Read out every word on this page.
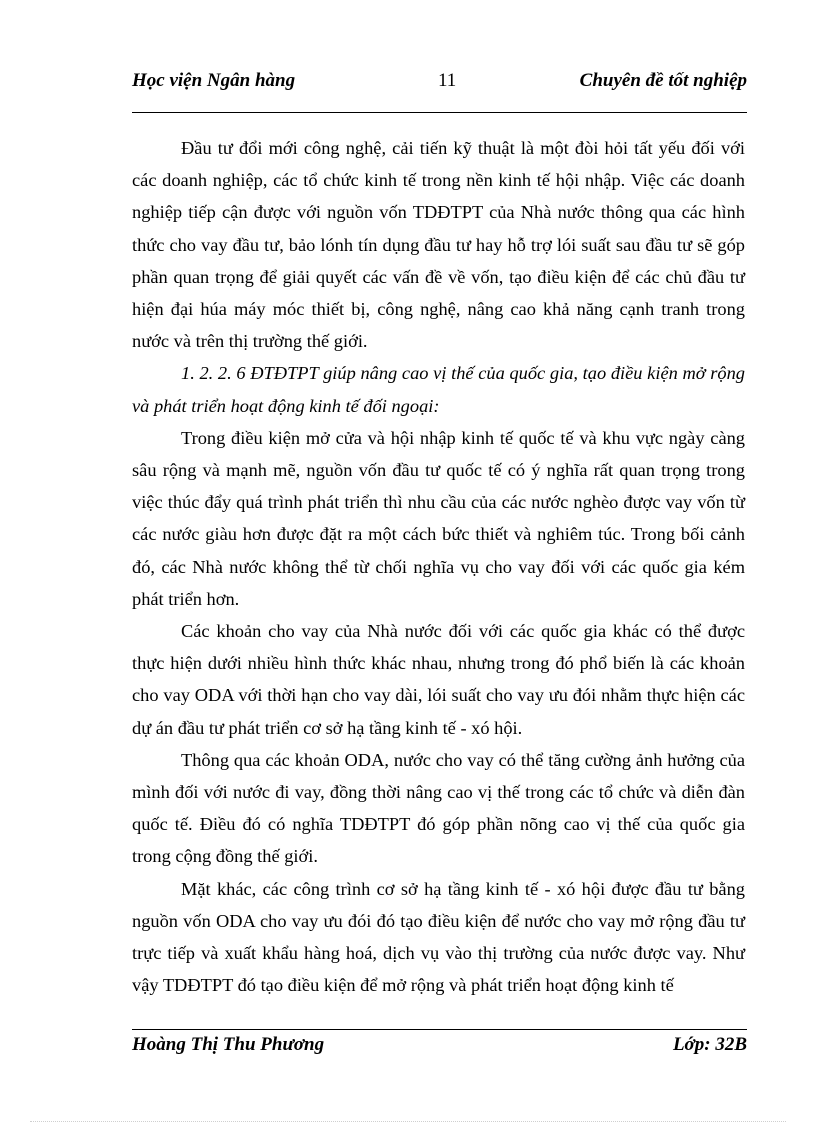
Học viện Ngân hàng	11	Chuyên đề tốt nghiệp

Đầu tư đổi mới công nghệ, cải tiến kỹ thuật là một đòi hỏi tất yếu đối với các doanh nghiệp, các tổ chức kinh tế trong nền kinh tế hội nhập. Việc các doanh nghiệp tiếp cận được với nguồn vốn TDĐTPT của Nhà nước thông qua các hình thức cho vay đầu tư, bảo lónh tín dụng đầu tư hay hỗ trợ lói suất sau đầu tư sẽ góp phần quan trọng để giải quyết các vấn đề về vốn, tạo điều kiện để các chủ đầu tư hiện đại húa máy móc thiết bị, công nghệ, nâng cao khả năng cạnh tranh trong nước và trên thị trường thế giới.

1. 2. 2. 6 ĐTĐTPT giúp nâng cao vị thế của quốc gia, tạo điều kiện mở rộng và phát triển hoạt động kinh tế đối ngoại:

Trong điều kiện mở cửa và hội nhập kinh tế quốc tế và khu vực ngày càng sâu rộng và mạnh mẽ, nguồn vốn đầu tư quốc tế có ý nghĩa rất quan trọng trong việc thúc đẩy quá trình phát triển thì nhu cầu của các nước nghèo được vay vốn từ các nước giàu hơn được đặt ra một cách bức thiết và nghiêm túc. Trong bối cảnh đó, các Nhà nước không thể từ chối nghĩa vụ cho vay đối với các quốc gia kém phát triển hơn.

Các khoản cho vay của Nhà nước đối với các quốc gia khác có thể được thực hiện dưới nhiều hình thức khác nhau, nhưng trong đó phổ biến là các khoản cho vay ODA với thời hạn cho vay dài, lói suất cho vay ưu đói nhằm thực hiện các dự án đầu tư phát triển cơ sở hạ tầng kinh tế - xó hội.

Thông qua các khoản ODA, nước cho vay có thể tăng cường ảnh hưởng của mình đối với nước đi vay, đồng thời nâng cao vị thế trong các tổ chức và diễn đàn quốc tế. Điều đó có nghĩa TDĐTPT đó góp phần nõng cao vị thế của quốc gia trong cộng đồng thế giới.

Mặt khác, các công trình cơ sở hạ tầng kinh tế - xó hội được đầu tư bằng nguồn vốn ODA cho vay ưu đói đó tạo điều kiện để nước cho vay mở rộng đầu tư trực tiếp và xuất khẩu hàng hoá, dịch vụ vào thị trường của nước được vay. Như vậy TDĐTPT đó tạo điều kiện để mở rộng và phát triển hoạt động kinh tế

Hoàng Thị Thu Phương	Lớp: 32B
